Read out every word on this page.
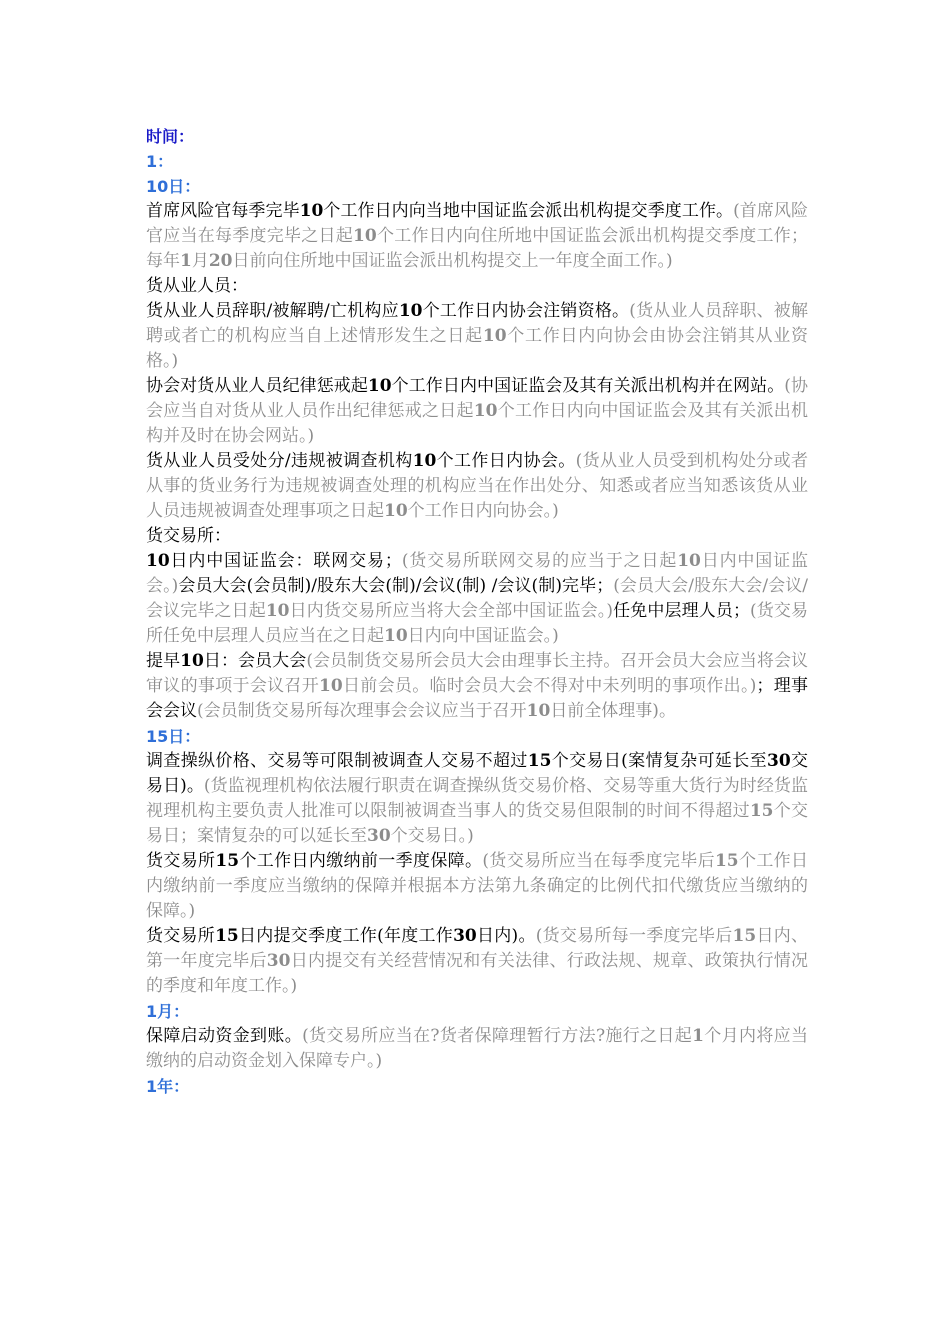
时间：

1：

10日：

首席风险官每季完毕10个工作日内向当地中国证监会派出机构提交季度工作。(首席风险官应当在每季度完毕之日起10个工作日内向住所地中国证监会派出机构提交季度工作；每年1月20日前向住所地中国证监会派出机构提交上一年度全面工作。)

货从业人员：

货从业人员辞职/被解聘/亡机构应10个工作日内协会注销资格。(货从业人员辞职、被解聘或者亡的机构应当自上述情形发生之日起10个工作日内向协会由协会注销其从业资格。)

协会对货从业人员纪律惩戒起10个工作日内中国证监会及其有关派出机构并在网站。(协会应当自对货从业人员作出纪律惩戒之日起10个工作日内向中国证监会及其有关派出机构并及时在协会网站。)

货从业人员受处分/违规被调查机构10个工作日内协会。(货从业人员受到机构处分或者从事的货业务行为违规被调查处理的机构应当在作出处分、知悉或者应当知悉该货从业人员违规被调查处理事项之日起10个工作日内向协会。)

货交易所：

10日内中国证监会：联网交易；(货交易所联网交易的应当于之日起10日内中国证监会。)会员大会(会员制)/股东大会(制)/会议(制) /会议(制)完毕；(会员大会/股东大会/会议/会议完毕之日起10日内货交易所应当将大会全部中国证监会。)任免中层理人员；(货交易所任免中层理人员应当在之日起10日内向中国证监会。)

提早10日：会员大会(会员制货交易所会员大会由理事长主持。召开会员大会应当将会议审议的事项于会议召开10日前会员。临时会员大会不得对中未列明的事项作出。)；理事会会议(会员制货交易所每次理事会会议应当于召开10日前全体理事)。

15日：

调查操纵价格、交易等可限制被调查人交易不超过15个交易日(案情复杂可延长至30交易日)。(货监视理机构依法履行职责在调查操纵货交易价格、交易等重大货行为时经货监视理机构主要负责人批准可以限制被调查当事人的货交易但限制的时间不得超过15个交易日；案情复杂的可以延长至30个交易日。)

货交易所15个工作日内缴纳前一季度保障。(货交易所应当在每季度完毕后15个工作日内缴纳前一季度应当缴纳的保障并根据本方法第九条确定的比例代扣代缴货应当缴纳的保障。)

货交易所15日内提交季度工作(年度工作30日内)。(货交易所每一季度完毕后15日内、第一年度完毕后30日内提交有关经营情况和有关法律、行政法规、规章、政策执行情况的季度和年度工作。)

1月：

保障启动资金到账。(货交易所应当在?货者保障理暂行方法?施行之日起1个月内将应当缴纳的启动资金划入保障专户。)

1年：
